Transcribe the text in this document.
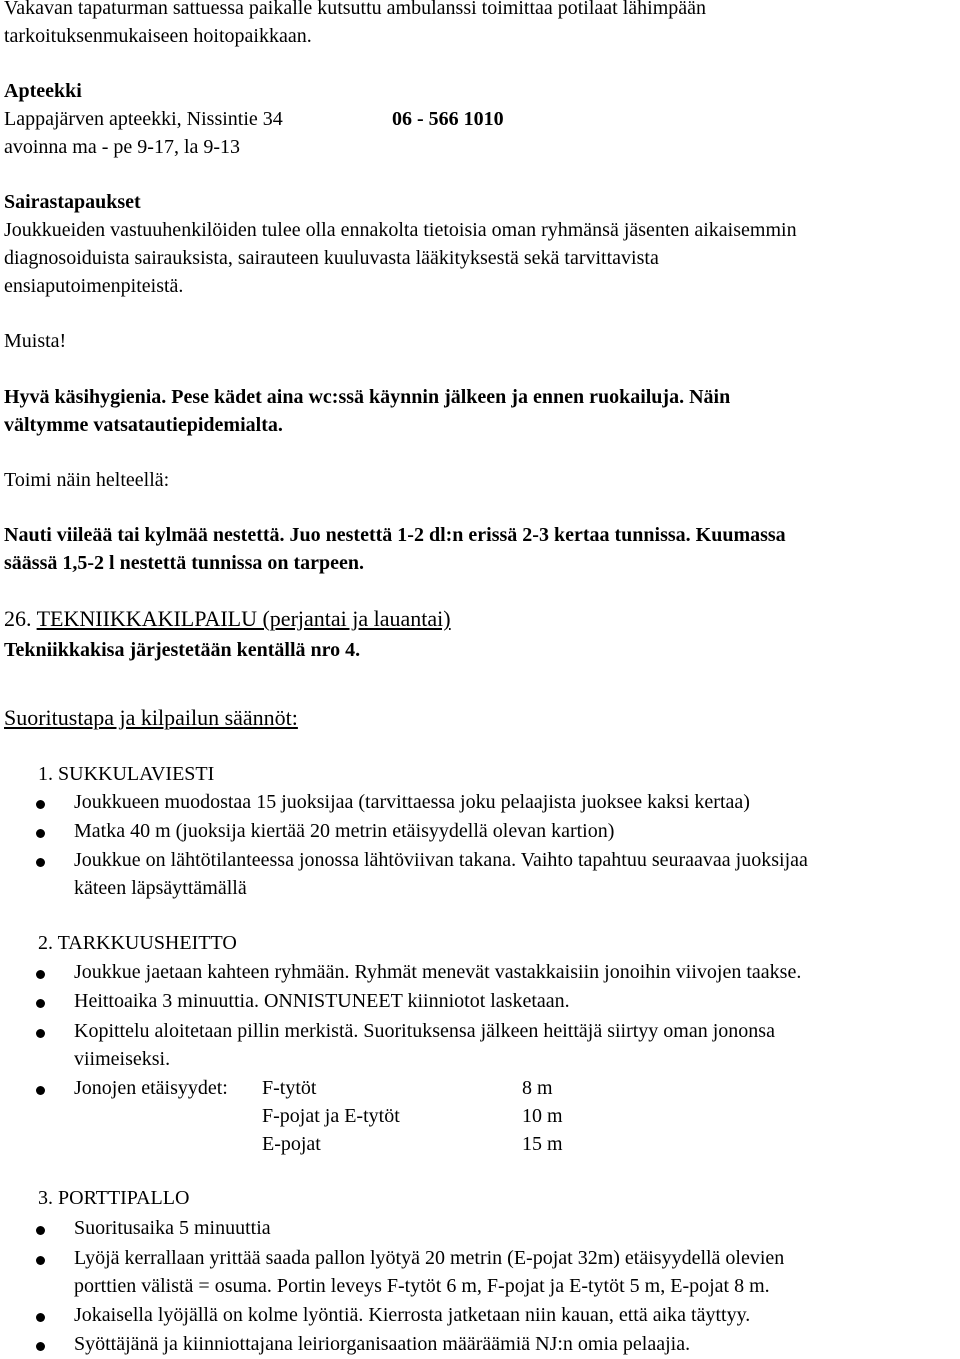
Vakavan tapaturman sattuessa paikalle kutsuttu ambulanssi toimittaa potilaat lähimpään
tarkoituksenmukaiseen hoitopaikkaan.
Apteekki
Lappajärven apteekki, Nissintie 34	06 - 566 1010
avoinna ma - pe 9-17, la 9-13
Sairastapaukset
Joukkueiden vastuuhenkilöiden tulee olla ennakolta tietoisia oman ryhmänsä jäsenten aikaisemmin
diagnosoiduista sairauksista, sairauteen kuuluvasta lääkityksestä sekä tarvittavista
ensiaputoimenpiteistä.
Muista!
Hyvä käsihygienia. Pese kädet aina wc:ssä käynnin jälkeen ja ennen ruokailuja. Näin
vältymme vatsatautiepidemialta.
Toimi näin helteellä:
Nauti viileää tai kylmää nestettä. Juo nestettä 1-2 dl:n erissä 2-3 kertaa tunnissa. Kuumassa
säässä 1,5-2 l nestettä tunnissa on tarpeen.
26. TEKNIIKKAKILPAILU (perjantai ja lauantai)
Tekniikkakisa järjestetään kentällä nro 4.
Suoritustapa ja kilpailun säännöt:
1. SUKKULAVIESTI
Joukkueen muodostaa 15 juoksijaa (tarvittaessa joku pelaajista juoksee kaksi kertaa)
Matka 40 m (juoksija kiertää 20 metrin etäisyydellä olevan kartion)
Joukkue on lähtötilanteessa jonossa lähtöviivan takana. Vaihto tapahtuu seuraavaa juoksijaa
käteen läpsäyttämällä
2. TARKKUUSHEITTO
Joukkue jaetaan kahteen ryhmään. Ryhmät menevät vastakkaisiin jonoihin viivojen taakse.
Heittoaika 3 minuuttia. ONNISTUNEET kiinniotot lasketaan.
Kopittelu aloitetaan pillin merkistä. Suorituksensa jälkeen heittäjä siirtyy oman jononsa
viimeiseksi.
Jonojen etäisyydet: F-tytöt	8 m
F-pojat ja E-tytöt	10 m
E-pojat	15 m
3. PORTTIPALLO
Suoritusaika 5 minuuttia
Lyöjä kerrallaan yrittää saada pallon lyötyä 20 metrin (E-pojat 32m) etäisyydellä olevien
porttien välistä = osuma. Portin leveys F-tytöt 6 m, F-pojat ja E-tytöt 5 m, E-pojat 8 m.
Jokaisella lyöjällä on kolme lyöntiä. Kierrosta jatketaan niin kauan, että aika täyttyy.
Syöttäjänä ja kiinniottajana leiriorganisaation määräämiä NJ:n omia pelaajia.
